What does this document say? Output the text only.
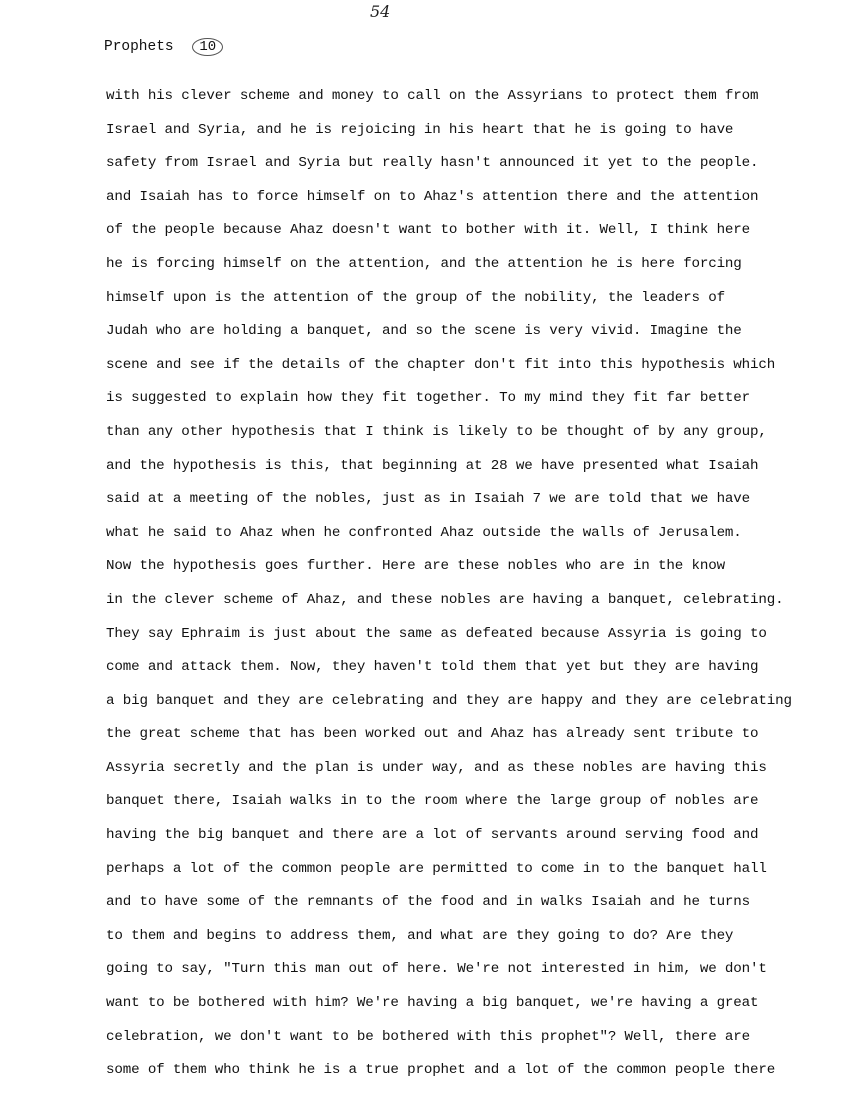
54
Prophets 10
with his clever scheme and money to call on the Assyrians to protect them from
Israel and Syria, and he is rejoicing in his heart that he is going to have
safety from Israel and Syria but really hasn't announced it yet to the people.
and Isaiah has to force himself on to Ahaz's attention there and the attention
of the people because Ahaz doesn't want to bother with it. Well, I think here
he is forcing himself on the attention, and the attention he is here forcing
himself upon is the attention of the group of the nobility, the leaders of
Judah who are holding a banquet, and so the scene is very vivid. Imagine the
scene and see if the details of the chapter don't fit into this hypothesis which
is suggested to explain how they fit together. To my mind they fit far better
than any other hypothesis that I think is likely to be thought of by any group,
and the hypothesis is this, that beginning at 28 we have presented what Isaiah
said at a meeting of the nobles, just as in Isaiah 7 we are told that we have
what he said to Ahaz when he confronted Ahaz outside the walls of Jerusalem.
Now the hypothesis goes further. Here are these nobles who are in the know
in the clever scheme of Ahaz, and these nobles are having a banquet, celebrating.
They say Ephraim is just about the same as defeated because Assyria is going to
come and attack them. Now, they haven't told them that yet but they are having
a big banquet and they are celebrating and they are happy and they are celebrating
the great scheme that has been worked out and Ahaz has already sent tribute to
Assyria secretly and the plan is under way, and as these nobles are having this
banquet there, Isaiah walks in to the room where the large group of nobles are
having the big banquet and there are a lot of servants around serving food and
perhaps a lot of the common people are permitted to come in to the banquet hall
and to have some of the remnants of the food and in walks Isaiah and he turns
to them and begins to address them, and what are they going to do? Are they
going to say, "Turn this man out of here. We're not interested in him, we don't
want to be bothered with him? We're having a big banquet, we're having a great
celebration, we don't want to be bothered with this prophet"? Well, there are
some of them who think he is a true prophet and a lot of the common people there
